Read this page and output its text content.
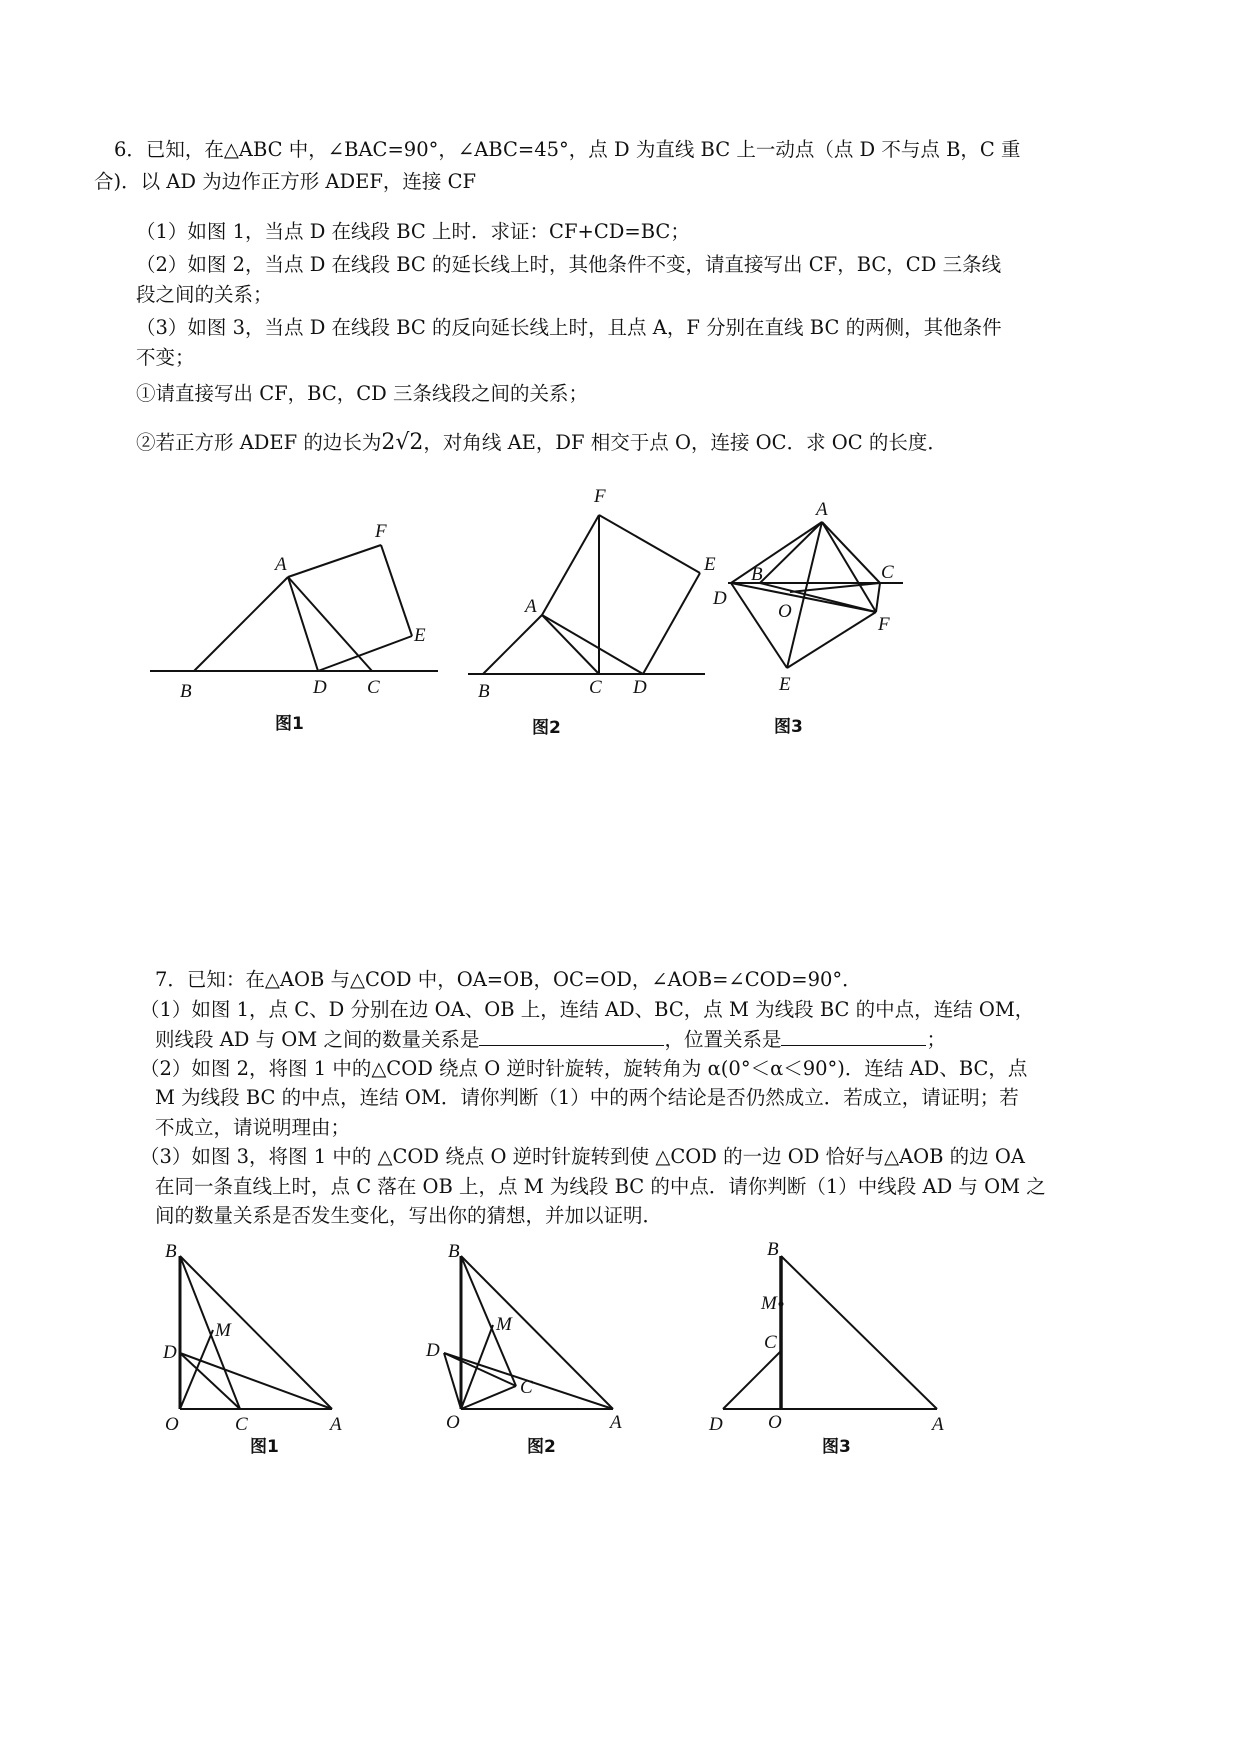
6．已知，在△ABC 中，∠BAC=90°，∠ABC=45°，点 D 为直线 BC 上一动点（点 D 不与点 B，C 重
合)．以 AD 为边作正方形 ADEF，连接 CF
（1）如图 1，当点 D 在线段 BC 上时．求证：CF+CD=BC；
（2）如图 2，当点 D 在线段 BC 的延长线上时，其他条件不变，请直接写出 CF，BC，CD 三条线
段之间的关系；
（3）如图 3，当点 D 在线段 BC 的反向延长线上时，且点 A，F 分别在直线 BC 的两侧，其他条件
不变；
①请直接写出 CF，BC，CD 三条线段之间的关系；
②若正方形 ADEF 的边长为2√2，对角线 AE，DF 相交于点 O，连接 OC．求 OC 的长度．
B
A
D C
F
E
图1
B
A
C D
F
E
图2
A
B	C
D
O
F
E
图3
7．已知：在△AOB 与△COD 中，OA=OB，OC=OD，∠AOB=∠COD=90°．
（1）如图 1，点 C、D 分别在边 OA、OB 上，连结 AD、BC，点 M 为线段 BC 的中点，连结 OM，
则线段 AD 与 OM 之间的数量关系是	，位置关系是	；
（2）如图 2，将图 1 中的△COD 绕点 O 逆时针旋转，旋转角为 α(0°＜α＜90°)．连结 AD、BC，点
M 为线段 BC 的中点，连结 OM．请你判断（1）中的两个结论是否仍然成立．若成立，请证明；若
不成立，请说明理由；
（3）如图 3，将图 1 中的 △COD 绕点 O 逆时针旋转到使 △COD 的一边 OD 恰好与△AOB 的边 OA
在同一条直线上时，点 C 落在 OB 上，点 M 为线段 BC 的中点．请你判断（1）中线段 AD 与 OM 之
间的数量关系是否发生变化，写出你的猜想，并加以证明．
B
D
M
O	C	A
图1
B
D
M
C
O	A
图2
B
M
C
D O	A
图3
